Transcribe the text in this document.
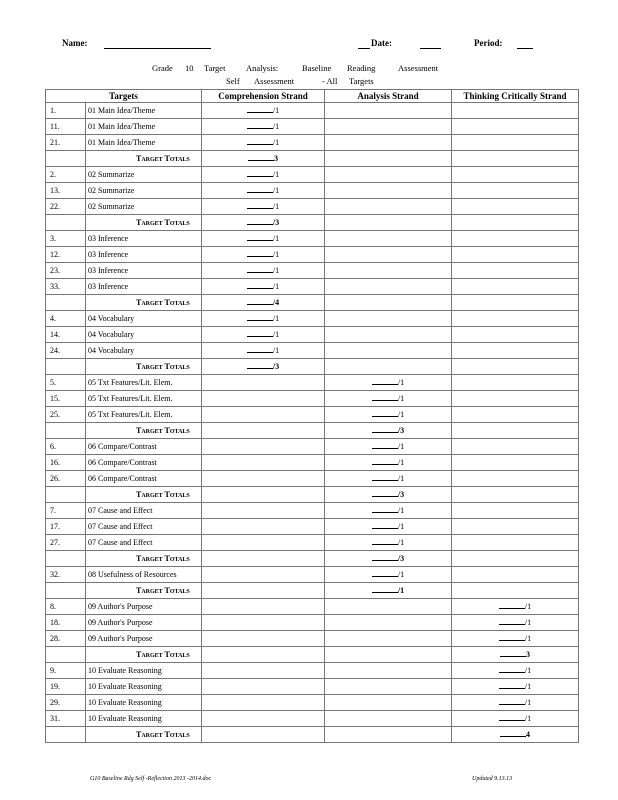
Name:	Date:	Period:
Grade 10 Target Analysis:	Baseline Reading	Assessment
Self Assessment	- All Targets
Targets		Comprehension Strand	Analysis Strand	Thinking Critically Strand
1.	01 Main Idea/Theme	/1		
11.	01 Main Idea/Theme	/1		
21.	01 Main Idea/Theme	/1		
	Target Totals	3		
2.	02 Summarize	/1		
13.	02 Summarize	/1		
22.	02 Summarize	/1		
	Target Totals	/3		
3.	03 Inference	/1		
12.	03 Inference	/1		
23.	03 Inference	/1		
33.	03 Inference	/1		
	Target Totals	/4		
4.	04 Vocabulary	/1		
14.	04 Vocabulary	/1		
24.	04 Vocabulary	/1		
	Target Totals	/3		
5.	05 Txt Features/Lit. Elem.		/1	
15.	05 Txt Features/Lit. Elem.		/1	
25.	05 Txt Features/Lit. Elem.		/1	
	Target Totals		/3	
6.	06 Compare/Contrast		/1	
16.	06 Compare/Contrast		/1	
26.	06 Compare/Contrast		/1	
	Target Totals		/3	
7.	07 Cause and Effect		/1	
17.	07 Cause and Effect		/1	
27.	07 Cause and Effect		/1	
	Target Totals		/3	
32.	08 Usefulness of Resources		/1	
	Target Totals		/1	
8.	09 Author's Purpose			/1
18.	09 Author's Purpose			/1
28.	09 Author's Purpose			/1
	Target Totals			3
9.	10 Evaluate Reasoning			/1
19.	10 Evaluate Reasoning			/1
29.	10 Evaluate Reasoning			/1
31.	10 Evaluate Reasoning			/1
	Target Totals			4
G10 Baseline Rdg Self -Reflection 2013 -2014.doc	Updated 9.13.13
